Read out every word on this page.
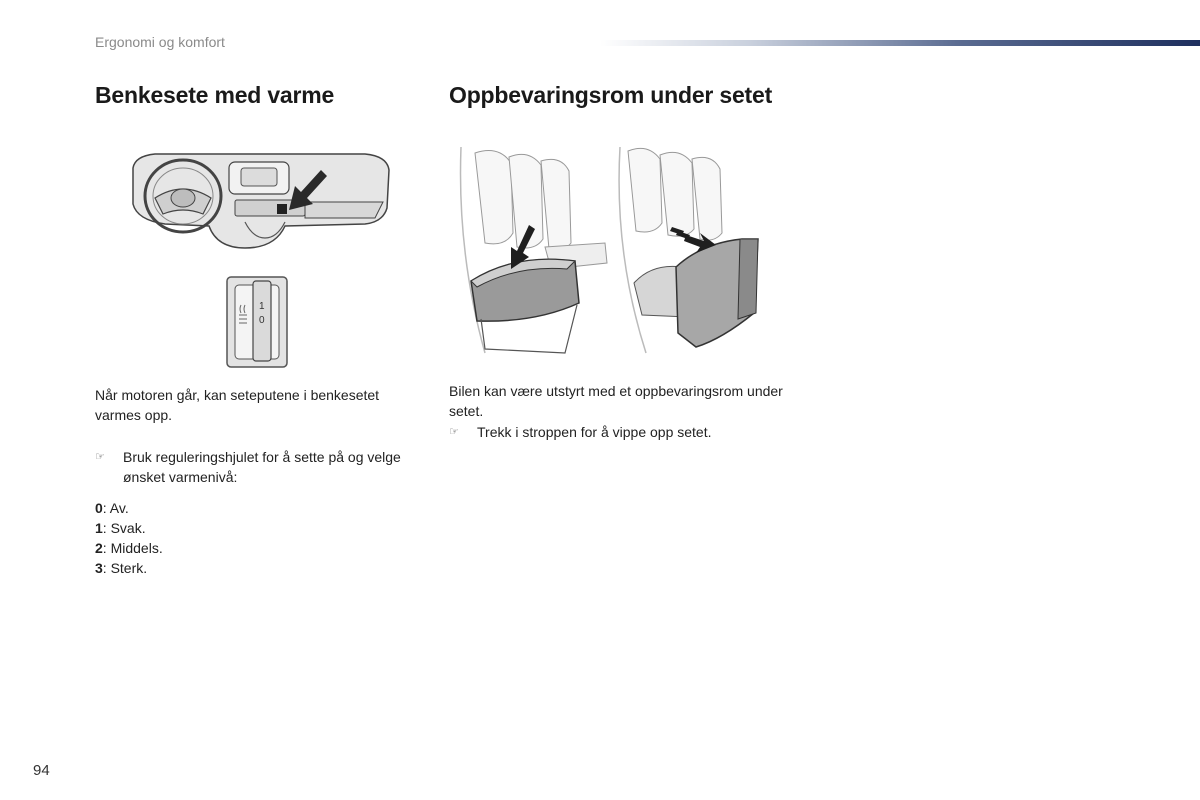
Ergonomi og komfort
Benkesete med varme
1
0

Når motoren går, kan seteputene i benkesetet varmes opp.

☞ Bruk reguleringshjulet for å sette på og velge ønsket varmenivå:
0: Av.
1: Svak.
2: Middels.
3: Sterk.
Oppbevaringsrom under setet

Bilen kan være utstyrt med et oppbevaringsrom under setet.

☞ Trekk i stroppen for å vippe opp setet.
94
